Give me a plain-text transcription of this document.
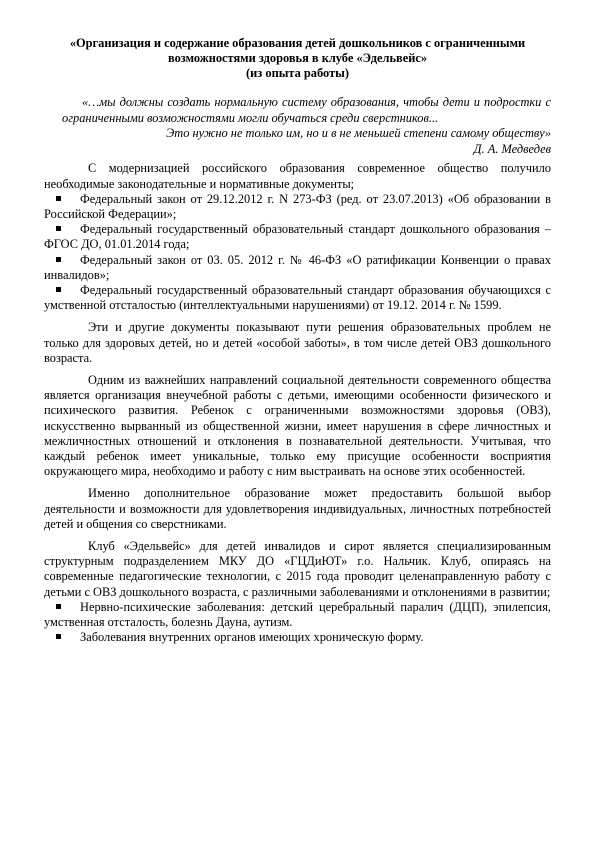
«Организация и содержание образования детей дошкольников с ограниченными
возможностями здоровья в клубе «Эдельвейс»
(из опыта работы)

«…мы должны создать нормальную систему образования, чтобы дети и подростки с ограниченными возможностями могли обучаться среди сверстников...

Это нужно не только им, но и в не меньшей степени самому обществу»

Д. А. Медведев

С модернизацией российского образования современное общество получило необходимые законодательные и нормативные документы;

Федеральный закон от 29.12.2012 г. N 273-ФЗ (ред. от 23.07.2013) «Об образовании в Российской Федерации»;
Федеральный государственный образовательный стандарт дошкольного образования – ФГОС ДО, 01.01.2014 года;
Федеральный закон от 03. 05. 2012 г. № 46-ФЗ «О ратификации Конвенции о правах инвалидов»;
Федеральный государственный образовательный стандарт образования обучающихся с умственной отсталостью (интеллектуальными нарушениями) от 19.12. 2014 г. № 1599.

Эти и другие документы показывают пути решения образовательных проблем не только для здоровых детей, но и детей «особой заботы», в том числе детей ОВЗ дошкольного возраста.

Одним из важнейших направлений социальной деятельности современного общества является организация внеучебной работы с детьми, имеющими особенности физического и психического развития. Ребенок с ограниченными возможностями здоровья (ОВЗ), искусственно вырванный из общественной жизни, имеет нарушения в сфере личностных и межличностных отношений и отклонения в познавательной деятельности. Учитывая, что каждый ребенок имеет уникальные, только ему присущие особенности восприятия окружающего мира, необходимо и работу с ним выстраивать на основе этих особенностей.

Именно дополнительное образование может предоставить большой выбор деятельности и возможности для удовлетворения индивидуальных, личностных потребностей детей и общения со сверстниками.

Клуб «Эдельвейс» для детей инвалидов и сирот является специализированным структурным подразделением МКУ ДО «ГЦДиЮТ» г.о. Нальчик. Клуб, опираясь на современные педагогические технологии, с 2015 года проводит целенаправленную работу с детьми с ОВЗ дошкольного возраста, с различными заболеваниями и отклонениями в развитии;

Нервно-психические заболевания: детский церебральный паралич (ДЦП), эпилепсия, умственная отсталость, болезнь Дауна, аутизм.
Заболевания внутренних органов имеющих хроническую форму.
